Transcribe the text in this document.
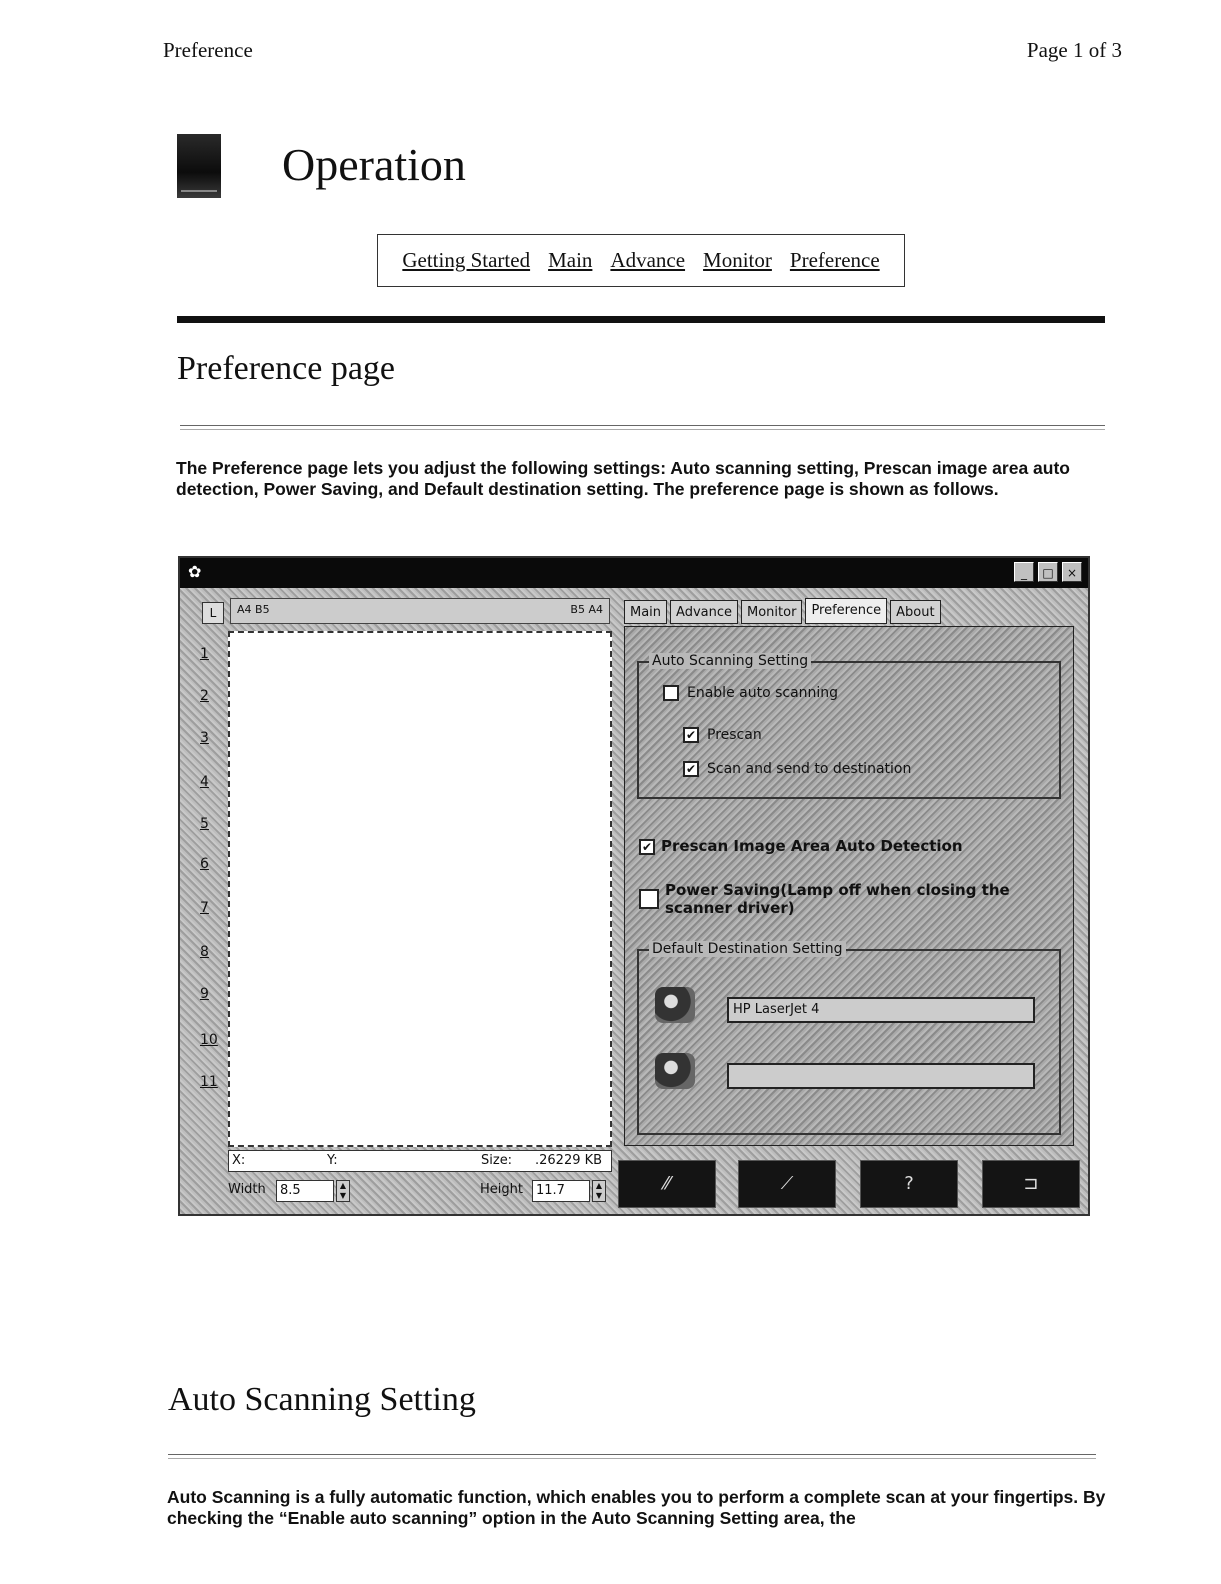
Preference	Page 1 of 3
Operation
Getting Started Main Advance Monitor Preference
Preference page

The Preference page lets you adjust the following settings: Auto scanning setting, Prescan image area auto detection, Power Saving, and Default destination setting. The preference page is shown as follows.

✿	_	□	×
L	A4 B5	B5 A4
1
2
3
4
5
6
7
8
9
10
11
X:	Y:	Size: .26229 KB
Width	8.5	▲
▼	Height	11.7	▲
▼
Main	Advance	Monitor	Preference	About
Auto Scanning Setting
Enable auto scanning
✔ Prescan
✔ Scan and send to destination
✔ Prescan Image Area Auto Detection
Power Saving(Lamp off when closing the scanner driver)
Default Destination Setting
HP LaserJet 4
⁄⁄	⟋	?	⊐
Auto Scanning Setting

Auto Scanning is a fully automatic function, which enables you to perform a complete scan at your fingertips. By checking the “Enable auto scanning” option in the Auto Scanning Setting area, the
